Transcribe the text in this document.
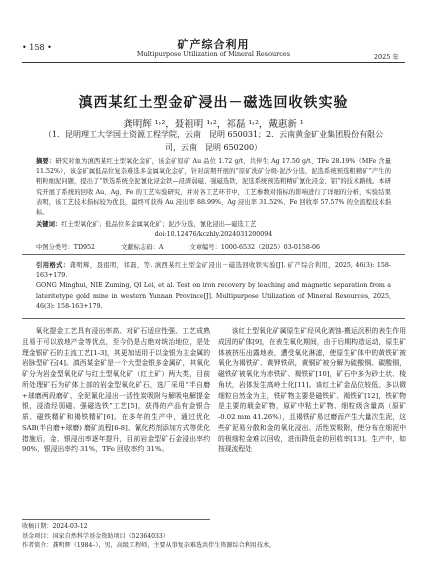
• 158 •	矿产综合利用
Multipurpose Utilization of Mineral Resources	2025 年
滇西某红土型金矿浸出－磁选回收铁实验
龚明辉 ¹˒²，聂祖明 ¹˒²，祁磊 ¹˒²，戴惠新 ¹
（1．昆明理工大学国土资源工程学院，云南　昆明 650031；2．云南黄金矿业集团股份有限公司，云南　昆明 650200）
摘要：研究对象为滇西某红土型氧化金矿，该金矿原矿 Au 品位 1.72 g/t、共伴生 Ag 17.50 g/t、TFe 28.19%（MFe 含量 11.52%），该金矿属低品位复杂难选多金属氧化金矿，针对前期开展的“原矿洗矿分级-泥沙分选，泥选系统预选粗精矿”产生的粗粒细泥问题，提出了“铁选系统全泥氰化浸金铁—浸渣弱磁、强磁选铁，泥选系统预选粗精矿氰化浸金、铝”的技术路线。本研究开展了系统的回收 Au、Ag、Fe 的工艺实验研究，并对各工艺环节中，工艺参数对指标的影响进行了详细的分析，实验结果表明，该工艺技术指标较为优良，最终可获得 Au 浸出率 88.99%、Ag 浸出率 31.52%、Fe 回收率 57.57% 的全流程技术指标。
关键词：红土型氧化矿；低品位多金属氧化矿；泥沙分选，氰化浸出—磁选工艺
doi:10.12476/kczhly.2024031200094
中图分类号：TD952	文献标志码：A	文章编号：1000-6532（2025）03-0158-06
引用格式：龚明辉，聂祖明，祁磊，等. 滇西某红土型金矿浸出－磁选回收铁实验[J]. 矿产综合利用，2025, 46(3): 158-163+179.
GONG Minghui, NIE Zuming, QI Lei, et al. Test on iron recovery by leaching and magnetic separation from a lateritetype gold mine in western Yunnan Province[J]. Multipurpose Utilization of Mineral Resources, 2025, 46(3): 158-163+179.
氧化提金工艺具有浸出率高、对矿石适应性强、工艺成熟且易于可以放地产金等优点，至今仍是占绝对统治地位，是处理金银矿石的主流工艺[1-3]，其更加适用于以金银为主金属的岩脉型矿石[4]。滇西某金矿是一个大型金银多金属矿，其氧化矿分为岩金型氧化矿与红土型氧化矿（红土矿）两大类，目前所处理矿石为矿体上部的岩金型氧化矿石，选厂采用“半自磨+球磨两段磨矿、全泥氰化浸出一活性炭吸附与解吸电解提金银，浸渣经弱磁、强磁选铁”工艺[5]，获得的产品有金银合质、磁铁精矿和褐铁精矿[6]。在多年的生产中，通过优化 SAB(半自磨+球磨) 磨矿流程[6-8]、氰化药剂添加方式等优化措施后，金、银浸出率逐年提升，目前岩金型矿石金浸出率约 90%，银浸出率约 31%，TFe 回收率约 31%。
该红土型氧化矿属原生矿经风化剥蚀-搬运沉积的表生作用成因的矿体[9]，在表生氧化期间，由于后期构造运动，原生矿体被挤压出露地表，遭受氧化淋滤，使原生矿体中的黄铁矿被氧化为褐铁矿、黄钾铁矾，黄铜矿被分解为硫酸铜、碳酸铜，磁铁矿被氧化为赤铁矿、褐铁矿[10]，矿石中多为砂土状、棱角状，岩体发生高岭土化[11]。该红土矿金品位较低、多以微细粒自然金为主，铁矿物主要是磁铁矿、褐铁矿[12]，铁矿物是主要的载金矿物，原矿中粘土矿物、细粒级含量高（原矿 -0.02 mm 41.26%），且褐铁矿易过磨而产生大量次生泥，这些矿泥易分散和金的氧化浸出、活性炭吸附，使分布在细泥中的极细粒金难以回收，进而降低金的回收率[13]。生产中，如按现流程处
收稿日期：2024-03-12
基金项目：国家自然科学基金资助项目（52364033）
作者简介：龚明辉（1984–），男，高级工程师，主要从事复杂难选共伴生资源综合利用技术。
